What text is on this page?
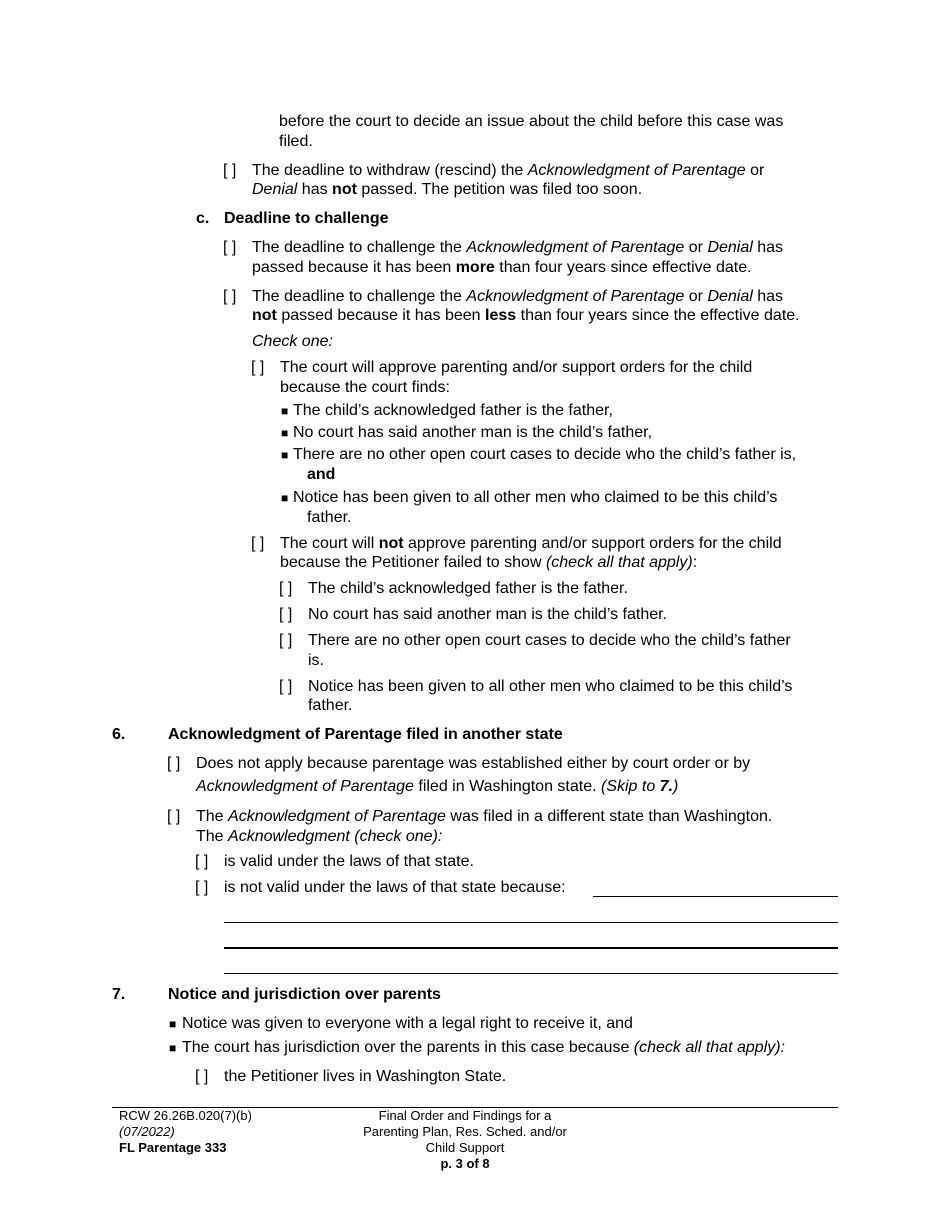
before the court to decide an issue about the child before this case was
filed.
[ ] The deadline to withdraw (rescind) the Acknowledgment of Parentage or
Denial has not passed. The petition was filed too soon.
c. Deadline to challenge
[ ] The deadline to challenge the Acknowledgment of Parentage or Denial has
passed because it has been more than four years since effective date.
[ ] The deadline to challenge the Acknowledgment of Parentage or Denial has
not passed because it has been less than four years since the effective date.
Check one:
[ ] The court will approve parenting and/or support orders for the child
because the court finds:
■ The child’s acknowledged father is the father,
■ No court has said another man is the child’s father,
■ There are no other open court cases to decide who the child’s father is,
and
■ Notice has been given to all other men who claimed to be this child’s
father.
[ ] The court will not approve parenting and/or support orders for the child
because the Petitioner failed to show (check all that apply):
[ ] The child’s acknowledged father is the father.
[ ] No court has said another man is the child’s father.
[ ] There are no other open court cases to decide who the child’s father
is.
[ ] Notice has been given to all other men who claimed to be this child’s
father.
6.	Acknowledgment of Parentage filed in another state
[ ] Does not apply because parentage was established either by court order or by
Acknowledgment of Parentage filed in Washington state. (Skip to 7.)
[ ] The Acknowledgment of Parentage was filed in a different state than Washington.
The Acknowledgment (check one):
[ ] is valid under the laws of that state.
[ ] is not valid under the laws of that state because:
7.	Notice and jurisdiction over parents
■ Notice was given to everyone with a legal right to receive it, and
■ The court has jurisdiction over the parents in this case because (check all that apply):
[ ] the Petitioner lives in Washington State.
RCW 26.26B.020(7)(b)
(07/2022)
FL Parentage 333
Final Order and Findings for a
Parenting Plan, Res. Sched. and/or
Child Support
p. 3 of 8
